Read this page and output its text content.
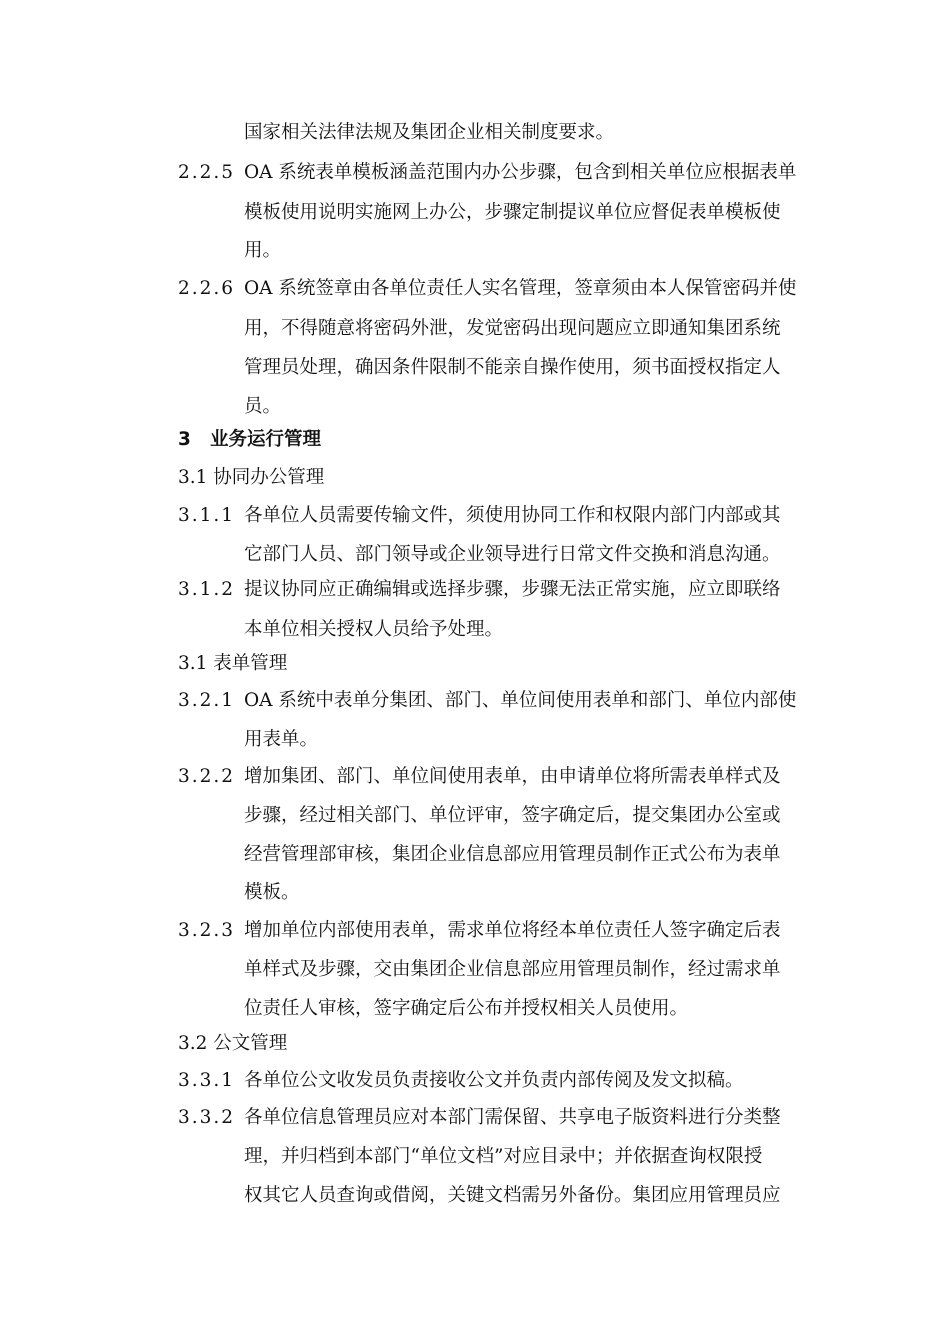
国家相关法律法规及集团企业相关制度要求。
2.2.5 OA 系统表单模板涵盖范围内办公步骤，包含到相关单位应根据表单
模板使用说明实施网上办公，步骤定制提议单位应督促表单模板使
用。
2.2.6 OA 系统签章由各单位责任人实名管理，签章须由本人保管密码并使
用，不得随意将密码外泄，发觉密码出现问题应立即通知集团系统
管理员处理，确因条件限制不能亲自操作使用，须书面授权指定人
员。
3 业务运行管理
3.1 协同办公管理
3.1.1 各单位人员需要传输文件，须使用协同工作和权限内部门内部或其
它部门人员、部门领导或企业领导进行日常文件交换和消息沟通。
3.1.2 提议协同应正确编辑或选择步骤，步骤无法正常实施，应立即联络
本单位相关授权人员给予处理。
3.1 表单管理
3.2.1 OA 系统中表单分集团、部门、单位间使用表单和部门、单位内部使
用表单。
3.2.2 增加集团、部门、单位间使用表单，由申请单位将所需表单样式及
步骤，经过相关部门、单位评审，签字确定后，提交集团办公室或
经营管理部审核，集团企业信息部应用管理员制作正式公布为表单
模板。
3.2.3 增加单位内部使用表单，需求单位将经本单位责任人签字确定后表
单样式及步骤，交由集团企业信息部应用管理员制作，经过需求单
位责任人审核，签字确定后公布并授权相关人员使用。
3.2 公文管理
3.3.1 各单位公文收发员负责接收公文并负责内部传阅及发文拟稿。
3.3.2 各单位信息管理员应对本部门需保留、共享电子版资料进行分类整
理，并归档到本部门“单位文档”对应目录中；并依据查询权限授
权其它人员查询或借阅，关键文档需另外备份。集团应用管理员应
